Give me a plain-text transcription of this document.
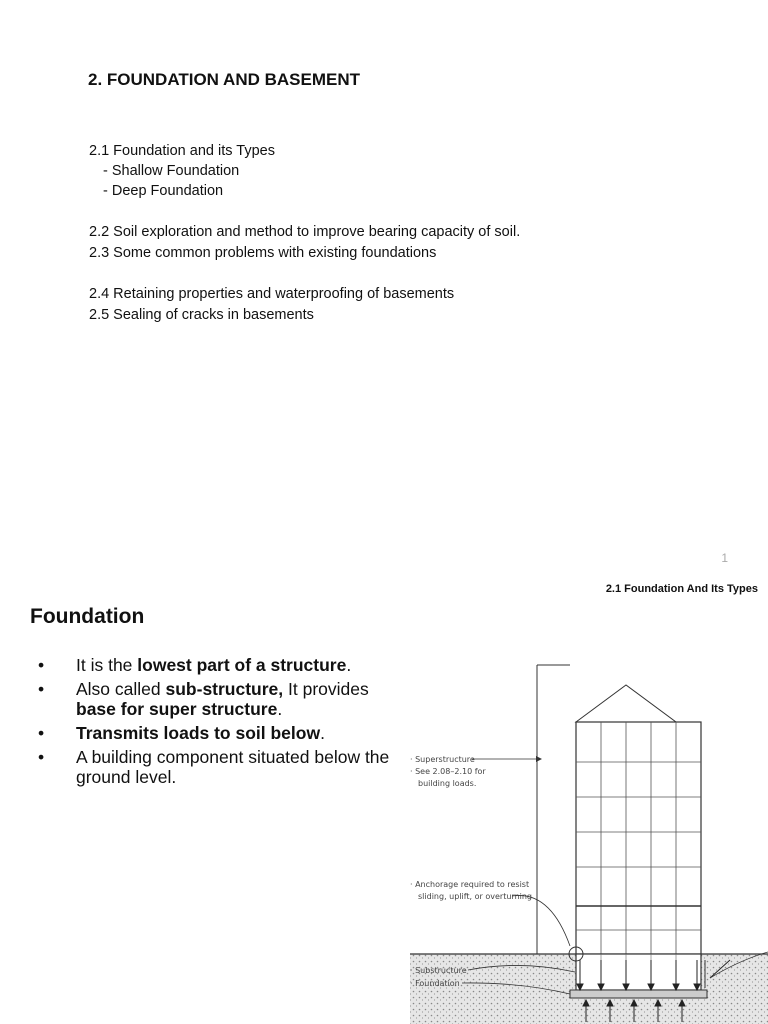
2. FOUNDATION AND BASEMENT

2.1 Foundation and its Types
- Shallow Foundation
- Deep Foundation
2.2 Soil exploration and method to improve bearing capacity of soil.
2.3 Some common problems with existing foundations
2.4 Retaining properties and waterproofing of basements
2.5 Sealing of cracks in basements
1

2.1 Foundation And Its Types

Foundation

• It is the lowest part of a structure.
• Also called sub-structure, It provides base for super structure.
• Transmits loads to soil below.
• A building component situated below the ground level.
· Superstructure
· See 2.08–2.10 for
building loads.
· Anchorage required to resist
sliding, uplift, or overturning
· Substructure
· Foundation
